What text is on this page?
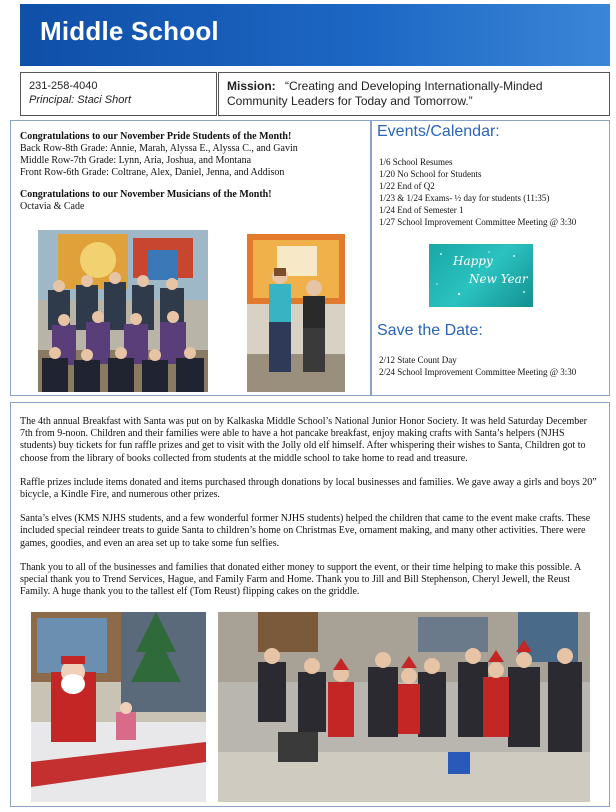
Middle School
231-258-4040
Principal: Staci Short
Mission: “Creating and Developing Internationally-Minded Community Leaders for Today and Tomorrow.”
Congratulations to our November Pride Students of the Month!
Back Row-8th Grade: Annie, Marah, Alyssa E., Alyssa C., and Gavin
Middle Row-7th Grade: Lynn, Aria, Joshua, and Montana
Front Row-6th Grade: Coltrane, Alex, Daniel, Jenna, and Addison
Congratulations to our November Musicians of the Month!
Octavia & Cade
Events/Calendar:
1/6 School Resumes
1/20 No School for Students
1/22 End of Q2
1/23 & 1/24 Exams- ½ day for students (11:35)
1/24 End of Semester 1
1/27 School Improvement Committee Meeting @ 3:30
Happy
New Year
Save the Date:
2/12 State Count Day
2/24 School Improvement Committee Meeting @ 3:30

The 4th annual Breakfast with Santa was put on by Kalkaska Middle School’s National Junior Honor Society. It was held Saturday December 7th from 9-noon. Children and their families were able to have a hot pancake breakfast, enjoy making crafts with Santa’s helpers (NJHS students) buy tickets for fun raffle prizes and get to visit with the Jolly old elf himself. After whispering their wishes to Santa, Children got to choose from the library of books collected from students at the middle school to take home to read and treasure.

Raffle prizes include items donated and items purchased through donations by local businesses and families. We gave away a girls and boys 20” bicycle, a Kindle Fire, and numerous other prizes.

Santa’s elves (KMS NJHS students, and a few wonderful former NJHS students) helped the children that came to the event make crafts. These included special reindeer treats to guide Santa to children’s home on Christmas Eve, ornament making, and many other activities. There were games, goodies, and even an area set up to take some fun selfies.

Thank you to all of the businesses and families that donated either money to support the event, or their time helping to make this possible. A special thank you to Trend Services, Hague, and Family Farm and Home. Thank you to Jill and Bill Stephenson, Cheryl Jewell, the Reust Family. A huge thank you to the tallest elf (Tom Reust) flipping cakes on the griddle.
